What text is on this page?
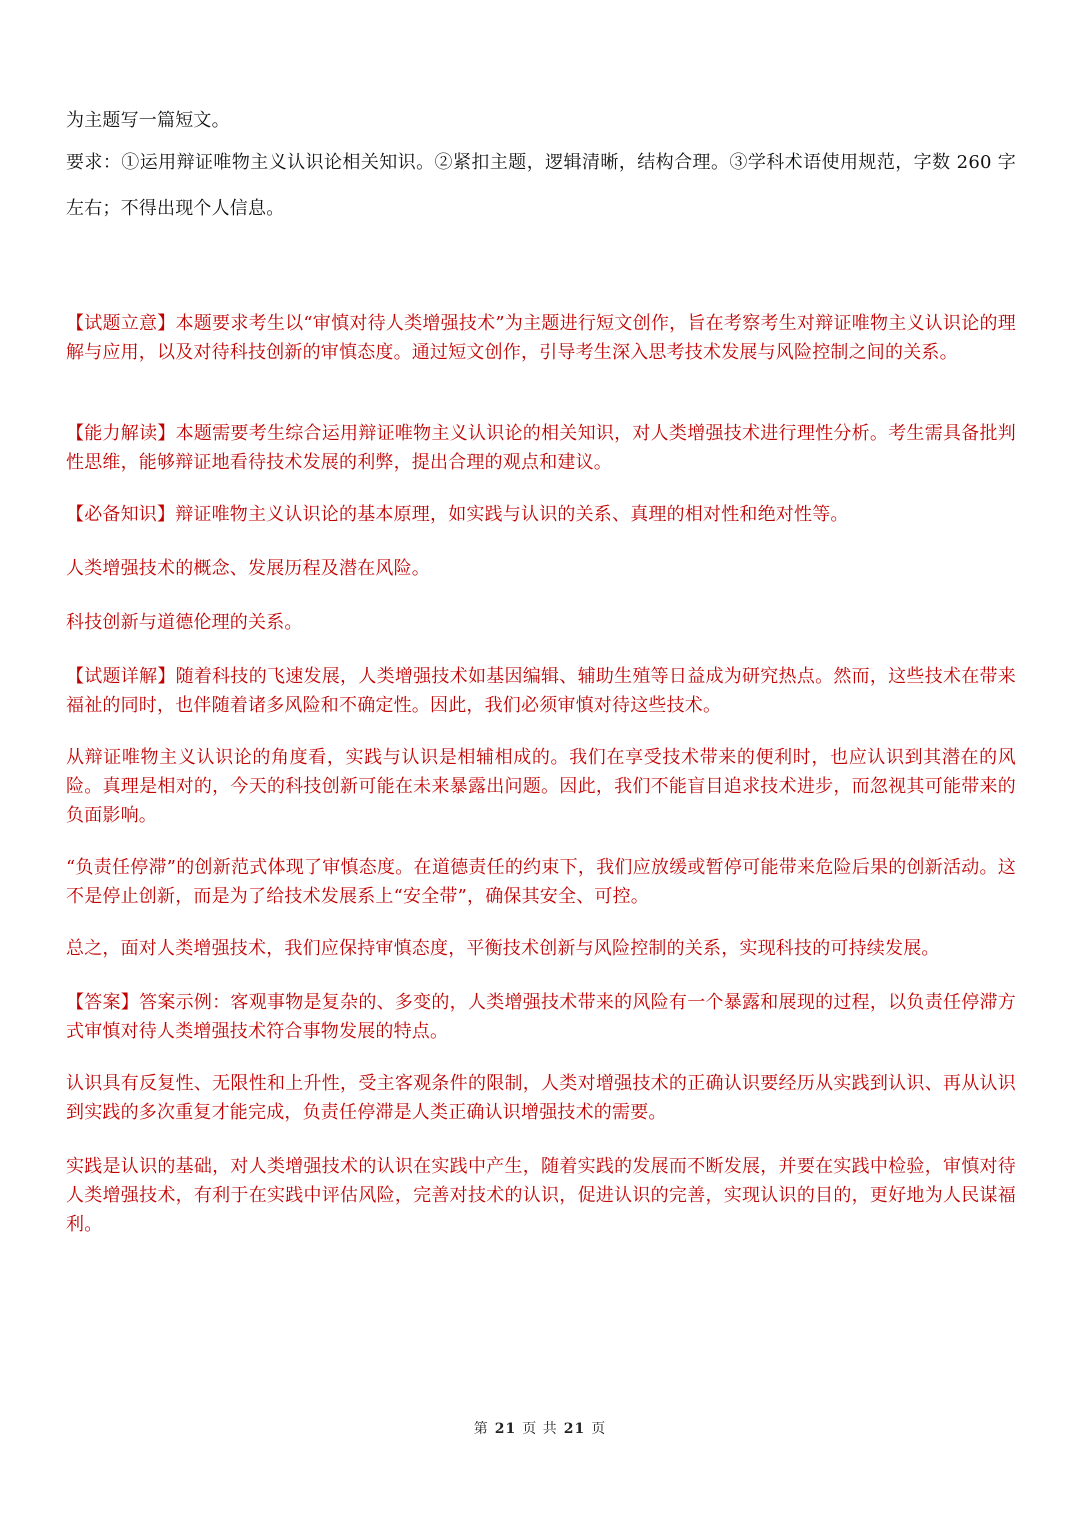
为主题写一篇短文。

要求：①运用辩证唯物主义认识论相关知识。②紧扣主题，逻辑清晰，结构合理。③学科术语使用规范，字数 260 字左右；不得出现个人信息。

【试题立意】本题要求考生以“审慎对待人类增强技术”为主题进行短文创作，旨在考察考生对辩证唯物主义认识论的理解与应用，以及对待科技创新的审慎态度。通过短文创作，引导考生深入思考技术发展与风险控制之间的关系。

【能力解读】本题需要考生综合运用辩证唯物主义认识论的相关知识，对人类增强技术进行理性分析。考生需具备批判性思维，能够辩证地看待技术发展的利弊，提出合理的观点和建议。

【必备知识】辩证唯物主义认识论的基本原理，如实践与认识的关系、真理的相对性和绝对性等。

人类增强技术的概念、发展历程及潜在风险。

科技创新与道德伦理的关系。

【试题详解】随着科技的飞速发展，人类增强技术如基因编辑、辅助生殖等日益成为研究热点。然而，这些技术在带来福祉的同时，也伴随着诸多风险和不确定性。因此，我们必须审慎对待这些技术。

从辩证唯物主义认识论的角度看，实践与认识是相辅相成的。我们在享受技术带来的便利时，也应认识到其潜在的风险。真理是相对的，今天的科技创新可能在未来暴露出问题。因此，我们不能盲目追求技术进步，而忽视其可能带来的负面影响。

“负责任停滞”的创新范式体现了审慎态度。在道德责任的约束下，我们应放缓或暂停可能带来危险后果的创新活动。这不是停止创新，而是为了给技术发展系上“安全带”，确保其安全、可控。

总之，面对人类增强技术，我们应保持审慎态度，平衡技术创新与风险控制的关系，实现科技的可持续发展。

【答案】答案示例：客观事物是复杂的、多变的，人类增强技术带来的风险有一个暴露和展现的过程，以负责任停滞方式审慎对待人类增强技术符合事物发展的特点。

认识具有反复性、无限性和上升性，受主客观条件的限制，人类对增强技术的正确认识要经历从实践到认识、再从认识到实践的多次重复才能完成，负责任停滞是人类正确认识增强技术的需要。

实践是认识的基础，对人类增强技术的认识在实践中产生，随着实践的发展而不断发展，并要在实践中检验，审慎对待人类增强技术，有利于在实践中评估风险，完善对技术的认识，促进认识的完善，实现认识的目的，更好地为人民谋福利。

第 21 页 共 21 页
